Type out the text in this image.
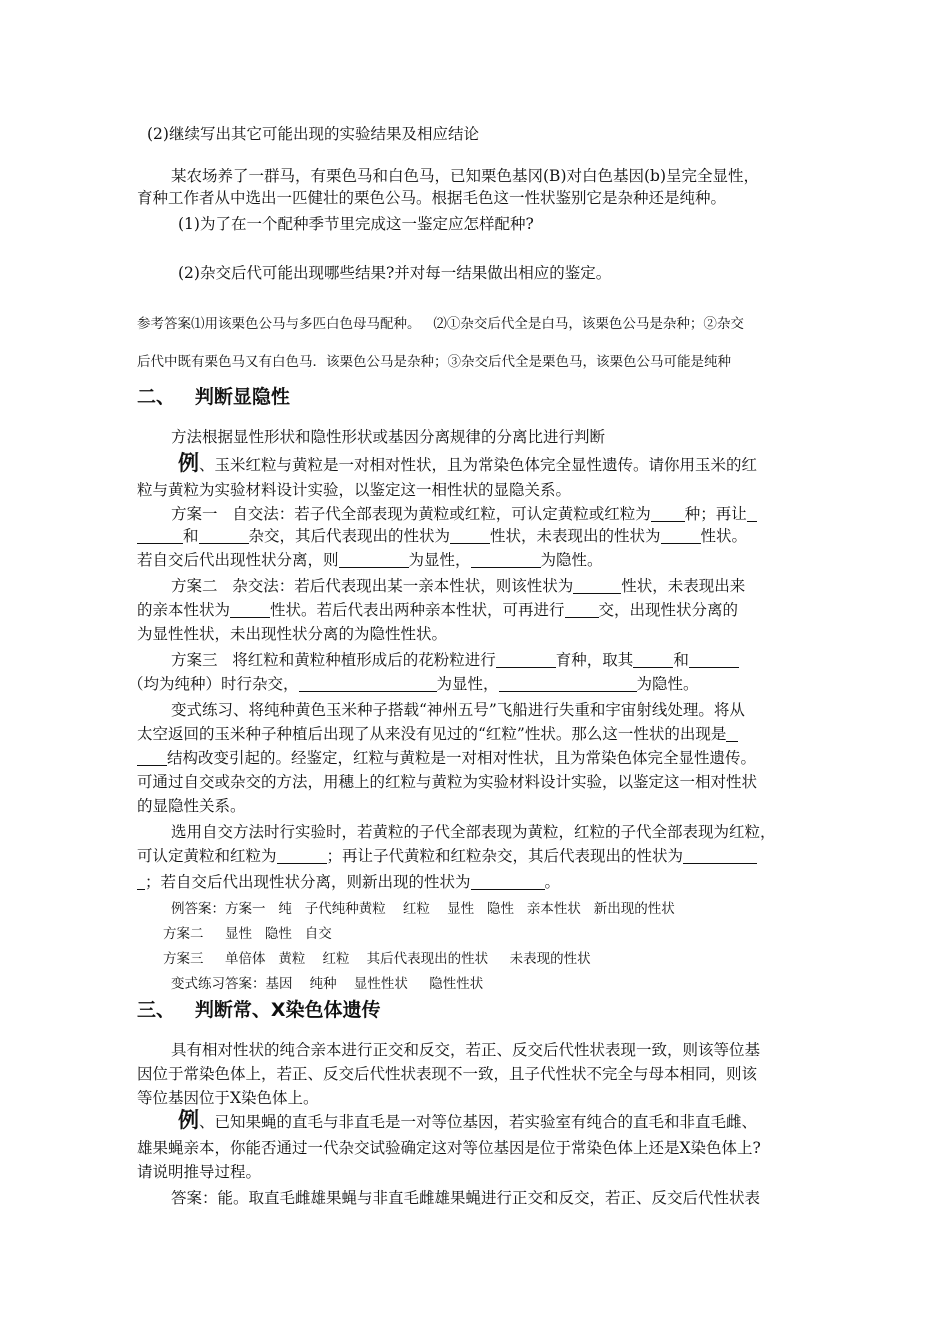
(2)继续写出其它可能出现的实验结果及相应结论
某农场养了一群马，有栗色马和白色马，已知栗色基冈(B)对白色基因(b)呈完全显性，
育种工作者从中选出一匹健壮的栗色公马。根据毛色这一性状鉴别它是杂种还是纯种。
(1)为了在一个配种季节里完成这一鉴定应怎样配种?
(2)杂交后代可能出现哪些结果?并对每一结果做出相应的鉴定。
参考答案⑴用该栗色公马与多匹白色母马配种。   ⑵①杂交后代全是白马，该栗色公马是杂种；②杂交
后代中既有栗色马又有白色马．该栗色公马是杂种；③杂交后代全是栗色马，该栗色公马可能是纯种
二、   判断显隐性
方法根据显性形状和隐性形状或基因分离规律的分离比进行判断
例、玉米红粒与黄粒是一对相对性状，且为常染色体完全显性遗传。请你用玉米的红
粒与黄粒为实验材料设计实验，以鉴定这一相性状的显隐关系。
方案一   自交法：若子代全部表现为黄粒或红粒，可认定黄粒或红粒为 种；再让
和	杂交，其后代表现出的性状为	性状，未表现出的性状为	性状。
若自交后代出现性状分离，则	为显性，	为隐性。
方案二   杂交法：若后代表现出某一亲本性状，则该性状为	性状，未表现出来
的亲本性状为	性状。若后代表出两种亲本性状，可再进行 交，出现性状分离的
为显性性状，未出现性状分离的为隐性性状。
方案三   将红粒和黄粒种植形成后的花粉粒进行	育种，取其	和
（均为纯种）时行杂交，	为显性，	为隐性。
变式练习、将纯种黄色玉米种子搭载“神州五号”飞船进行失重和宇宙射线处理。将从
太空返回的玉米种子种植后出现了从来没有见过的“红粒”性状。那么这一性状的出现是
结构改变引起的。经鉴定，红粒与黄粒是一对相对性状，且为常染色体完全显性遗传。
可通过自交或杂交的方法，用穗上的红粒与黄粒为实验材料设计实验，以鉴定这一相对性状
的显隐性关系。
选用自交方法时行实验时，若黄粒的子代全部表现为黄粒，红粒的子代全部表现为红粒，
可认定黄粒和红粒为	；再让子代黄粒和红粒杂交，其后代表现出的性状为
；若自交后代出现性状分离，则新出现的性状为	。
例答案：方案一   纯   子代纯种黄粒    红粒    显性   隐性   亲本性状   新出现的性状
方案二     显性   隐性   自交
方案三     单倍体   黄粒    红粒    其后代表现出的性状     未表现的性状
变式练习答案：基因    纯种    显性性状     隐性性状
三、   判断常、X染色体遗传
具有相对性状的纯合亲本进行正交和反交，若正、反交后代性状表现一致，则该等位基
因位于常染色体上，若正、反交后代性状表现不一致，且子代性状不完全与母本相同，则该
等位基因位于X染色体上。
例、已知果蝇的直毛与非直毛是一对等位基因，若实验室有纯合的直毛和非直毛雌、
雄果蝇亲本，你能否通过一代杂交试验确定这对等位基因是位于常染色体上还是X染色体上?
请说明推导过程。
答案：能。取直毛雌雄果蝇与非直毛雌雄果蝇进行正交和反交，若正、反交后代性状表
